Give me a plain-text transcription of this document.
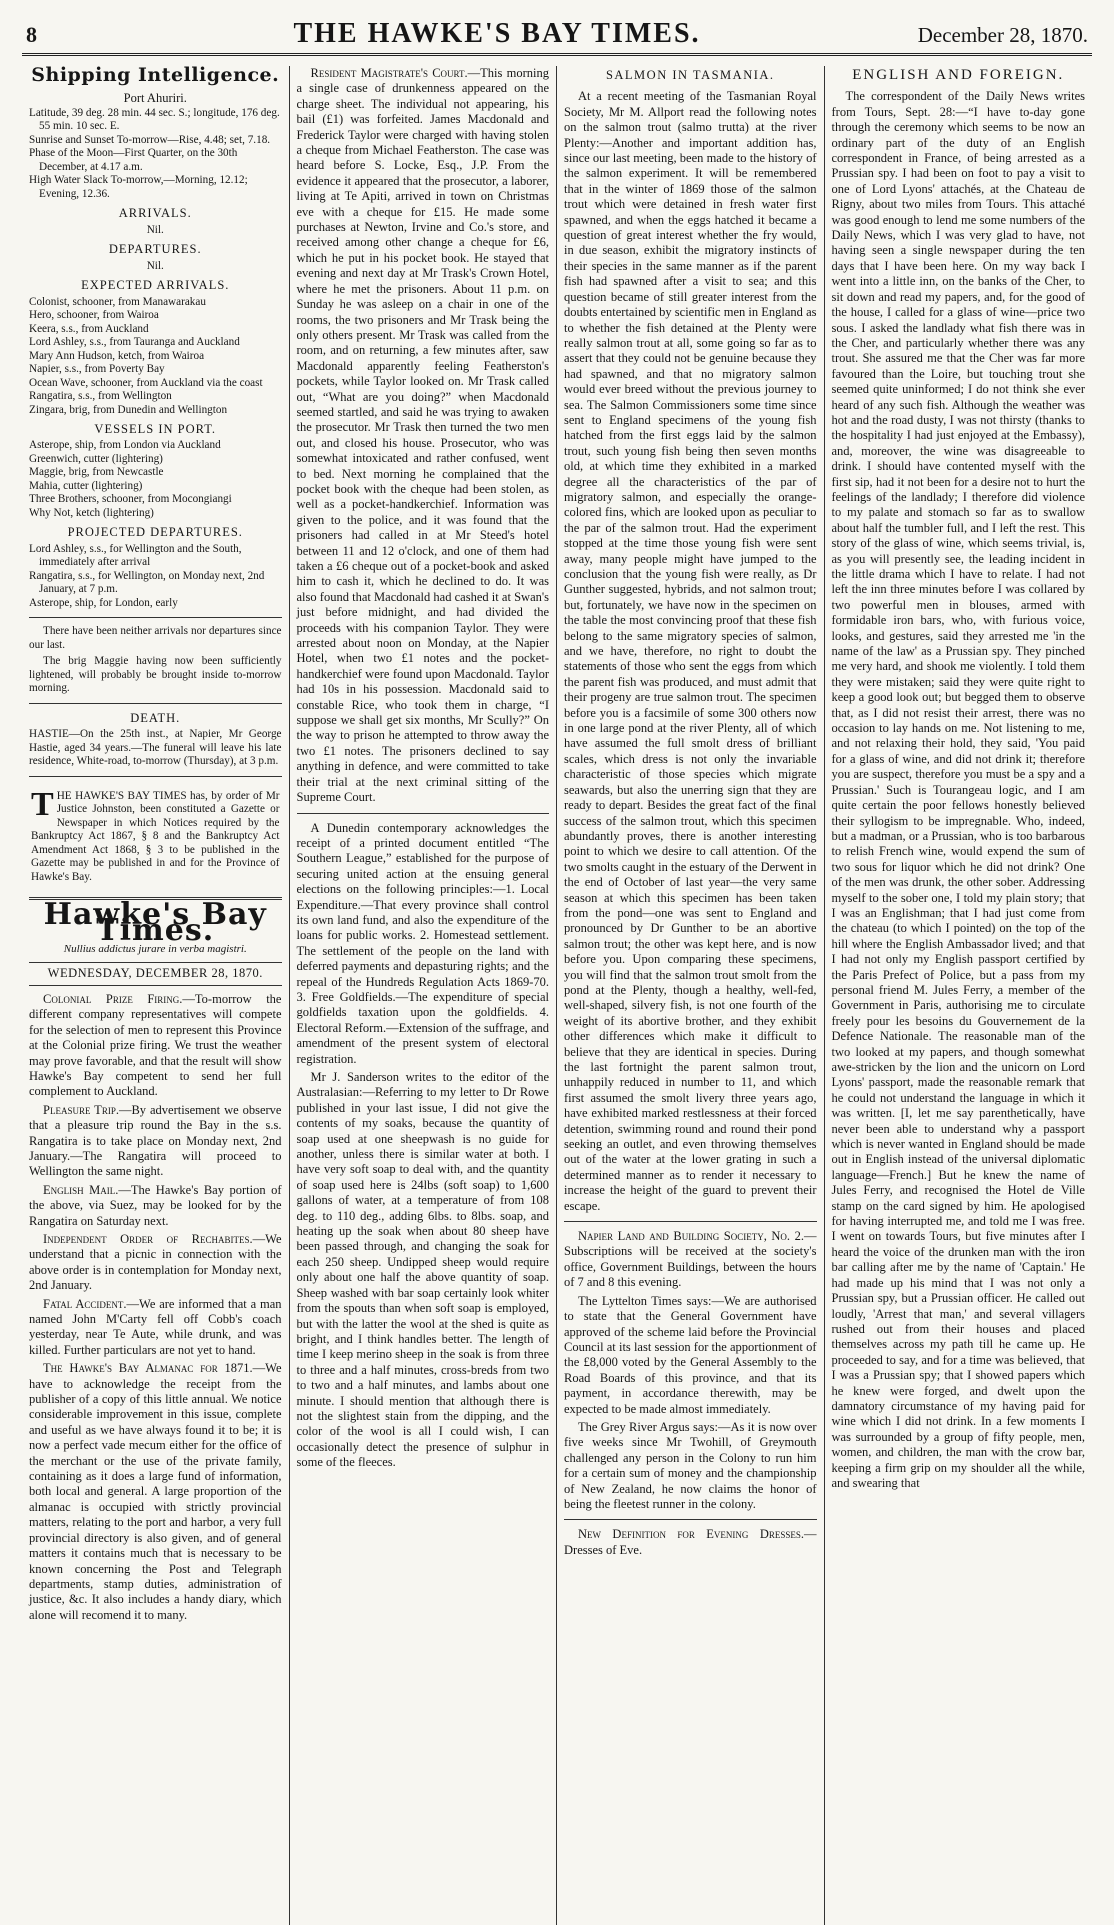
8	THE HAWKE'S BAY TIMES.	December 28, 1870.
Shipping Intelligence.
Port Ahuriri.

Latitude, 39 deg. 28 min. 44 sec. S.; longitude, 176 deg. 55 min. 10 sec. E.

Sunrise and Sunset To-morrow—Rise, 4.48; set, 7.18.

Phase of the Moon—First Quarter, on the 30th December, at 4.17 a.m.

High Water Slack To-morrow,—Morning, 12.12; Evening, 12.36.

ARRIVALS.
Nil.
DEPARTURES.
Nil.
EXPECTED ARRIVALS.

Colonist, schooner, from Manawarakau

Hero, schooner, from Wairoa

Keera, s.s., from Auckland

Lord Ashley, s.s., from Tauranga and Auckland

Mary Ann Hudson, ketch, from Wairoa

Napier, s.s., from Poverty Bay

Ocean Wave, schooner, from Auckland via the coast

Rangatira, s.s., from Wellington

Zingara, brig, from Dunedin and Wellington

VESSELS IN PORT.

Asterope, ship, from London via Auckland

Greenwich, cutter (lightering)

Maggie, brig, from Newcastle

Mahia, cutter (lightering)

Three Brothers, schooner, from Mocongiangi

Why Not, ketch (lightering)

PROJECTED DEPARTURES.

Lord Ashley, s.s., for Wellington and the South, immediately after arrival

Rangatira, s.s., for Wellington, on Monday next, 2nd January, at 7 p.m.

Asterope, ship, for London, early

There have been neither arrivals nor departures since our last.

The brig Maggie having now been sufficiently lightened, will probably be brought inside to-morrow morning.

DEATH.

HASTIE—On the 25th inst., at Napier, Mr George Hastie, aged 34 years.—The funeral will leave his late residence, White-road, to-morrow (Thursday), at 3 p.m.

T HE HAWKE'S BAY TIMES has, by order of Mr Justice Johnston, been constituted a Gazette or Newspaper in which Notices required by the Bankruptcy Act 1867, § 8 and the Bankruptcy Act Amendment Act 1868, § 3 to be published in the Gazette may be published in and for the Province of Hawke's Bay.
Hawke's Bay Times.
Nullius addictus jurare in verba magistri.
WEDNESDAY, DECEMBER 28, 1870.

Colonial Prize Firing.—To-morrow the different company representatives will compete for the selection of men to represent this Province at the Colonial prize firing. We trust the weather may prove favorable, and that the result will show Hawke's Bay competent to send her full complement to Auckland.

Pleasure Trip.—By advertisement we observe that a pleasure trip round the Bay in the s.s. Rangatira is to take place on Monday next, 2nd January.—The Rangatira will proceed to Wellington the same night.

English Mail.—The Hawke's Bay portion of the above, via Suez, may be looked for by the Rangatira on Saturday next.

Independent Order of Rechabites.—We understand that a picnic in connection with the above order is in contemplation for Monday next, 2nd January.

Fatal Accident.—We are informed that a man named John M'Carty fell off Cobb's coach yesterday, near Te Aute, while drunk, and was killed. Further particulars are not yet to hand.

The Hawke's Bay Almanac for 1871.—We have to acknowledge the receipt from the publisher of a copy of this little annual. We notice considerable improvement in this issue, complete and useful as we have always found it to be; it is now a perfect vade mecum either for the office of the merchant or the use of the private family, containing as it does a large fund of information, both local and general. A large proportion of the almanac is occupied with strictly provincial matters, relating to the port and harbor, a very full provincial directory is also given, and of general matters it contains much that is necessary to be known concerning the Post and Telegraph departments, stamp duties, administration of justice, &c. It also includes a handy diary, which alone will recomend it to many.

Resident Magistrate's Court.—This morning a single case of drunkenness appeared on the charge sheet. The individual not appearing, his bail (£1) was forfeited. James Macdonald and Frederick Taylor were charged with having stolen a cheque from Michael Featherston. The case was heard before S. Locke, Esq., J.P. From the evidence it appeared that the prosecutor, a laborer, living at Te Apiti, arrived in town on Christmas eve with a cheque for £15. He made some purchases at Newton, Irvine and Co.'s store, and received among other change a cheque for £6, which he put in his pocket book. He stayed that evening and next day at Mr Trask's Crown Hotel, where he met the prisoners. About 11 p.m. on Sunday he was asleep on a chair in one of the rooms, the two prisoners and Mr Trask being the only others present. Mr Trask was called from the room, and on returning, a few minutes after, saw Macdonald apparently feeling Featherston's pockets, while Taylor looked on. Mr Trask called out, “What are you doing?” when Macdonald seemed startled, and said he was trying to awaken the prosecutor. Mr Trask then turned the two men out, and closed his house. Prosecutor, who was somewhat intoxicated and rather confused, went to bed. Next morning he complained that the pocket book with the cheque had been stolen, as well as a pocket-handkerchief. Information was given to the police, and it was found that the prisoners had called in at Mr Steed's hotel between 11 and 12 o'clock, and one of them had taken a £6 cheque out of a pocket-book and asked him to cash it, which he declined to do. It was also found that Macdonald had cashed it at Swan's just before midnight, and had divided the proceeds with his companion Taylor. They were arrested about noon on Monday, at the Napier Hotel, when two £1 notes and the pocket-handkerchief were found upon Macdonald. Taylor had 10s in his possession. Macdonald said to constable Rice, who took them in charge, “I suppose we shall get six months, Mr Scully?” On the way to prison he attempted to throw away the two £1 notes. The prisoners declined to say anything in defence, and were committed to take their trial at the next criminal sitting of the Supreme Court.

A Dunedin contemporary acknowledges the receipt of a printed document entitled “The Southern League,” established for the purpose of securing united action at the ensuing general elections on the following principles:—1. Local Expenditure.—That every province shall control its own land fund, and also the expenditure of the loans for public works. 2. Homestead settlement. The settlement of the people on the land with deferred payments and depasturing rights; and the repeal of the Hundreds Regulation Acts 1869-70. 3. Free Goldfields.—The expenditure of special goldfields taxation upon the goldfields. 4. Electoral Reform.—Extension of the suffrage, and amendment of the present system of electoral registration.

Mr J. Sanderson writes to the editor of the Australasian:—Referring to my letter to Dr Rowe published in your last issue, I did not give the contents of my soaks, because the quantity of soap used at one sheepwash is no guide for another, unless there is similar water at both. I have very soft soap to deal with, and the quantity of soap used here is 24lbs (soft soap) to 1,600 gallons of water, at a temperature of from 108 deg. to 110 deg., adding 6lbs. to 8lbs. soap, and heating up the soak when about 80 sheep have been passed through, and changing the soak for each 250 sheep. Undipped sheep would require only about one half the above quantity of soap. Sheep washed with bar soap certainly look whiter from the spouts than when soft soap is employed, but with the latter the wool at the shed is quite as bright, and I think handles better. The length of time I keep merino sheep in the soak is from three to three and a half minutes, cross-breds from two to two and a half minutes, and lambs about one minute. I should mention that although there is not the slightest stain from the dipping, and the color of the wool is all I could wish, I can occasionally detect the presence of sulphur in some of the fleeces.

SALMON IN TASMANIA.

At a recent meeting of the Tasmanian Royal Society, Mr M. Allport read the following notes on the salmon trout (salmo trutta) at the river Plenty:—Another and important addition has, since our last meeting, been made to the history of the salmon experiment. It will be remembered that in the winter of 1869 those of the salmon trout which were detained in fresh water first spawned, and when the eggs hatched it became a question of great interest whether the fry would, in due season, exhibit the migratory instincts of their species in the same manner as if the parent fish had spawned after a visit to sea; and this question became of still greater interest from the doubts entertained by scientific men in England as to whether the fish detained at the Plenty were really salmon trout at all, some going so far as to assert that they could not be genuine because they had spawned, and that no migratory salmon would ever breed without the previous journey to sea. The Salmon Commissioners some time since sent to England specimens of the young fish hatched from the first eggs laid by the salmon trout, such young fish being then seven months old, at which time they exhibited in a marked degree all the characteristics of the par of migratory salmon, and especially the orange-colored fins, which are looked upon as peculiar to the par of the salmon trout. Had the experiment stopped at the time those young fish were sent away, many people might have jumped to the conclusion that the young fish were really, as Dr Gunther suggested, hybrids, and not salmon trout; but, fortunately, we have now in the specimen on the table the most convincing proof that these fish belong to the same migratory species of salmon, and we have, therefore, no right to doubt the statements of those who sent the eggs from which the parent fish was produced, and must admit that their progeny are true salmon trout. The specimen before you is a facsimile of some 300 others now in one large pond at the river Plenty, all of which have assumed the full smolt dress of brilliant scales, which dress is not only the invariable characteristic of those species which migrate seawards, but also the unerring sign that they are ready to depart. Besides the great fact of the final success of the salmon trout, which this specimen abundantly proves, there is another interesting point to which we desire to call attention. Of the two smolts caught in the estuary of the Derwent in the end of October of last year—the very same season at which this specimen has been taken from the pond—one was sent to England and pronounced by Dr Gunther to be an abortive salmon trout; the other was kept here, and is now before you. Upon comparing these specimens, you will find that the salmon trout smolt from the pond at the Plenty, though a healthy, well-fed, well-shaped, silvery fish, is not one fourth of the weight of its abortive brother, and they exhibit other differences which make it difficult to believe that they are identical in species. During the last fortnight the parent salmon trout, unhappily reduced in number to 11, and which first assumed the smolt livery three years ago, have exhibited marked restlessness at their forced detention, swimming round and round their pond seeking an outlet, and even throwing themselves out of the water at the lower grating in such a determined manner as to render it necessary to increase the height of the guard to prevent their escape.

Napier Land and Building Society, No. 2.—Subscriptions will be received at the society's office, Government Buildings, between the hours of 7 and 8 this evening.

The Lyttelton Times says:—We are authorised to state that the General Government have approved of the scheme laid before the Provincial Council at its last session for the apportionment of the £8,000 voted by the General Assembly to the Road Boards of this province, and that its payment, in accordance therewith, may be expected to be made almost immediately.

The Grey River Argus says:—As it is now over five weeks since Mr Twohill, of Greymouth challenged any person in the Colony to run him for a certain sum of money and the championship of New Zealand, he now claims the honor of being the fleetest runner in the colony.

New Definition for Evening Dresses.—Dresses of Eve.

ENGLISH AND FOREIGN.

The correspondent of the Daily News writes from Tours, Sept. 28:—“I have to-day gone through the ceremony which seems to be now an ordinary part of the duty of an English correspondent in France, of being arrested as a Prussian spy. I had been on foot to pay a visit to one of Lord Lyons' attachés, at the Chateau de Rigny, about two miles from Tours. This attaché was good enough to lend me some numbers of the Daily News, which I was very glad to have, not having seen a single newspaper during the ten days that I have been here. On my way back I went into a little inn, on the banks of the Cher, to sit down and read my papers, and, for the good of the house, I called for a glass of wine—price two sous. I asked the landlady what fish there was in the Cher, and particularly whether there was any trout. She assured me that the Cher was far more favoured than the Loire, but touching trout she seemed quite uninformed; I do not think she ever heard of any such fish. Although the weather was hot and the road dusty, I was not thirsty (thanks to the hospitality I had just enjoyed at the Embassy), and, moreover, the wine was disagreeable to drink. I should have contented myself with the first sip, had it not been for a desire not to hurt the feelings of the landlady; I therefore did violence to my palate and stomach so far as to swallow about half the tumbler full, and I left the rest. This story of the glass of wine, which seems trivial, is, as you will presently see, the leading incident in the little drama which I have to relate. I had not left the inn three minutes before I was collared by two powerful men in blouses, armed with formidable iron bars, who, with furious voice, looks, and gestures, said they arrested me 'in the name of the law' as a Prussian spy. They pinched me very hard, and shook me violently. I told them they were mistaken; said they were quite right to keep a good look out; but begged them to observe that, as I did not resist their arrest, there was no occasion to lay hands on me. Not listening to me, and not relaxing their hold, they said, 'You paid for a glass of wine, and did not drink it; therefore you are suspect, therefore you must be a spy and a Prussian.' Such is Tourangeau logic, and I am quite certain the poor fellows honestly believed their syllogism to be impregnable. Who, indeed, but a madman, or a Prussian, who is too barbarous to relish French wine, would expend the sum of two sous for liquor which he did not drink? One of the men was drunk, the other sober. Addressing myself to the sober one, I told my plain story; that I was an Englishman; that I had just come from the chateau (to which I pointed) on the top of the hill where the English Ambassador lived; and that I had not only my English passport certified by the Paris Prefect of Police, but a pass from my personal friend M. Jules Ferry, a member of the Government in Paris, authorising me to circulate freely pour les besoins du Gouvernement de la Defence Nationale. The reasonable man of the two looked at my papers, and though somewhat awe-stricken by the lion and the unicorn on Lord Lyons' passport, made the reasonable remark that he could not understand the language in which it was written. [I, let me say parenthetically, have never been able to understand why a passport which is never wanted in England should be made out in English instead of the universal diplomatic language—French.] But he knew the name of Jules Ferry, and recognised the Hotel de Ville stamp on the card signed by him. He apologised for having interrupted me, and told me I was free. I went on towards Tours, but five minutes after I heard the voice of the drunken man with the iron bar calling after me by the name of 'Captain.' He had made up his mind that I was not only a Prussian spy, but a Prussian officer. He called out loudly, 'Arrest that man,' and several villagers rushed out from their houses and placed themselves across my path till he came up. He proceeded to say, and for a time was believed, that I was a Prussian spy; that I showed papers which he knew were forged, and dwelt upon the damnatory circumstance of my having paid for wine which I did not drink. In a few moments I was surrounded by a group of fifty people, men, women, and children, the man with the crow bar, keeping a firm grip on my shoulder all the while, and swearing that
